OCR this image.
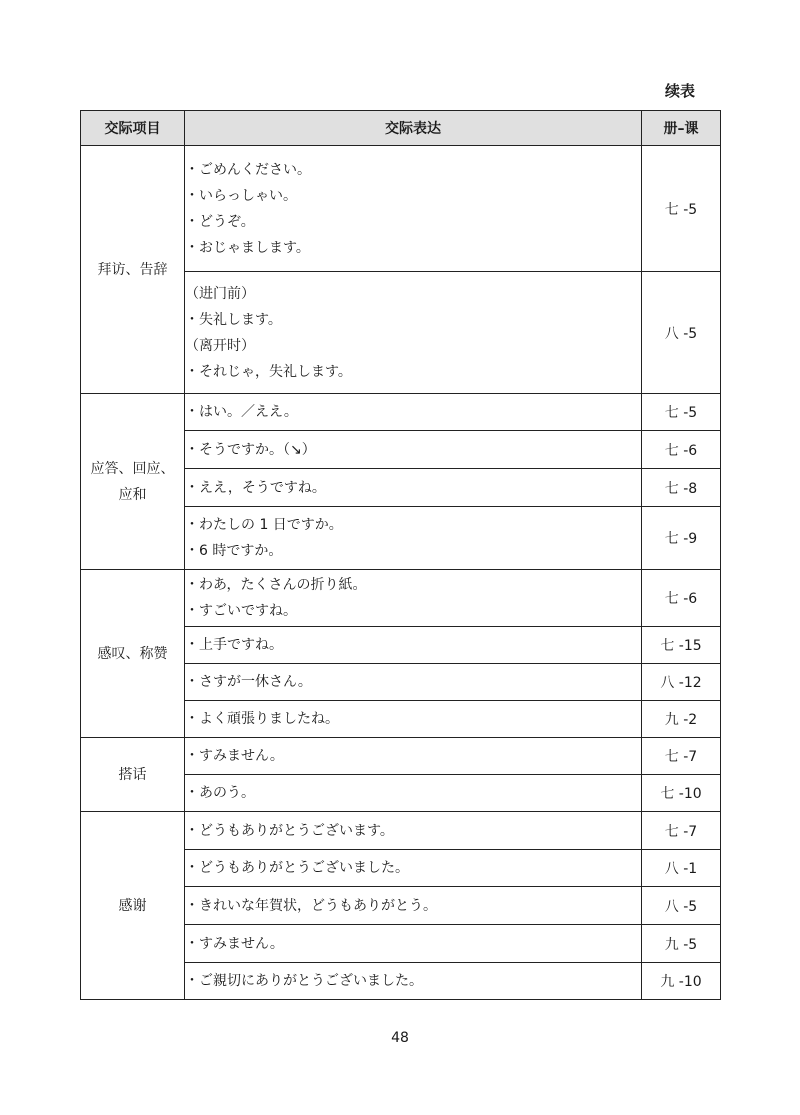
续表
交际项目	交际表达	册–课
拜访、告辞	・ごめんください。
・いらっしゃい。
・どうぞ。
・おじゃまします。	七 -5

	（进门前）
・失礼します。
（离开时）
・それじゃ，失礼します。	八 -5
应答、回应、 应和	・はい。／ええ。	七 -5

	・そうですか。（↘）	七 -6

	・ええ，そうですね。	七 -8

	・わたしの 1 日ですか。
・6 時ですか。	七 -9
感叹、称赞	・わあ，たくさんの折り紙。
・すごいですね。	七 -6

	・上手ですね。	七 -15

	・さすが一休さん。	八 -12

	・よく頑張りましたね。	九 -2
搭话	・すみません。	七 -7

	・あのう。	七 -10
感谢	・どうもありがとうございます。	七 -7

	・どうもありがとうございました。	八 -1

	・きれいな年賀状，どうもありがとう。	八 -5

	・すみません。	九 -5

	・ご親切にありがとうございました。	九 -10
48
